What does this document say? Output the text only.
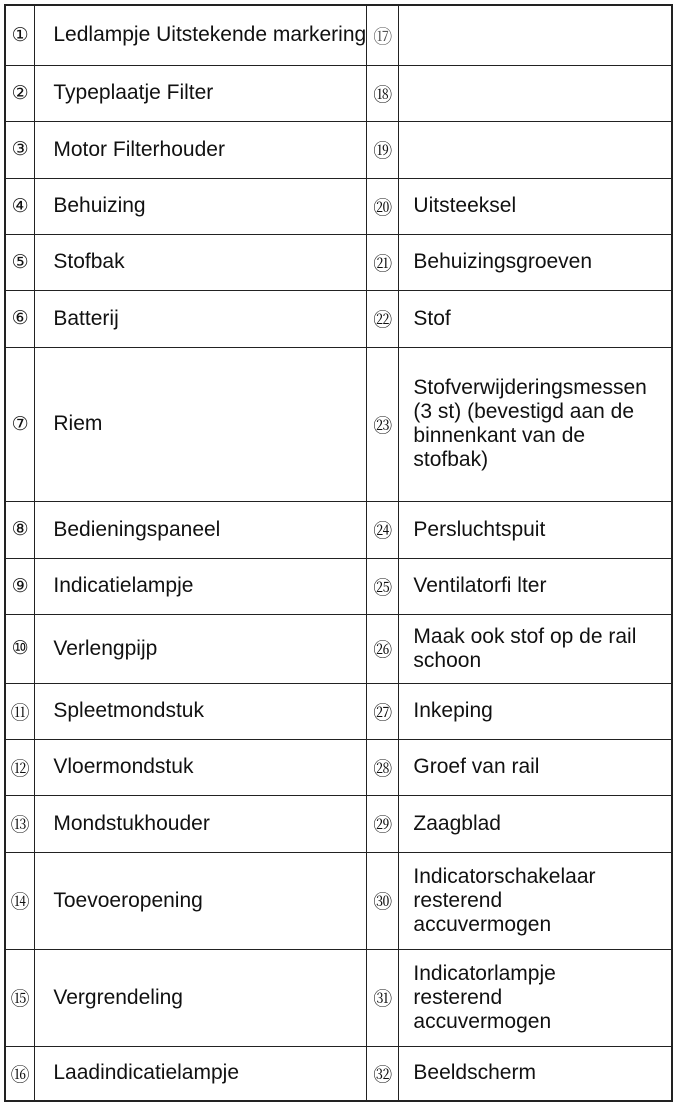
①	Ledlampje Uitstekende markering	⑰	
②	Typeplaatje Filter	⑱	
③	Motor Filterhouder	⑲	
④	Behuizing	⑳	Uitsteeksel
⑤	Stofbak	㉑	Behuizingsgroeven
⑥	Batterij	㉒	Stof
⑦	Riem	㉓	Stofverwijderingsmessen (3 st) (bevestigd aan de binnenkant van de stofbak)
⑧	Bedieningspaneel	㉔	Persluchtspuit
⑨	Indicatielampje	㉕	Ventilatorfi lter
⑩	Verlengpijp	㉖	Maak ook stof op de rail schoon
⑪	Spleetmondstuk	㉗	Inkeping
⑫	Vloermondstuk	㉘	Groef van rail
⑬	Mondstukhouder	㉙	Zaagblad
⑭	Toevoeropening	㉚	Indicatorschakelaar resterend accuvermogen
⑮	Vergrendeling	㉛	Indicatorlampje resterend accuvermogen
⑯	Laadindicatielampje	㉜	Beeldscherm
